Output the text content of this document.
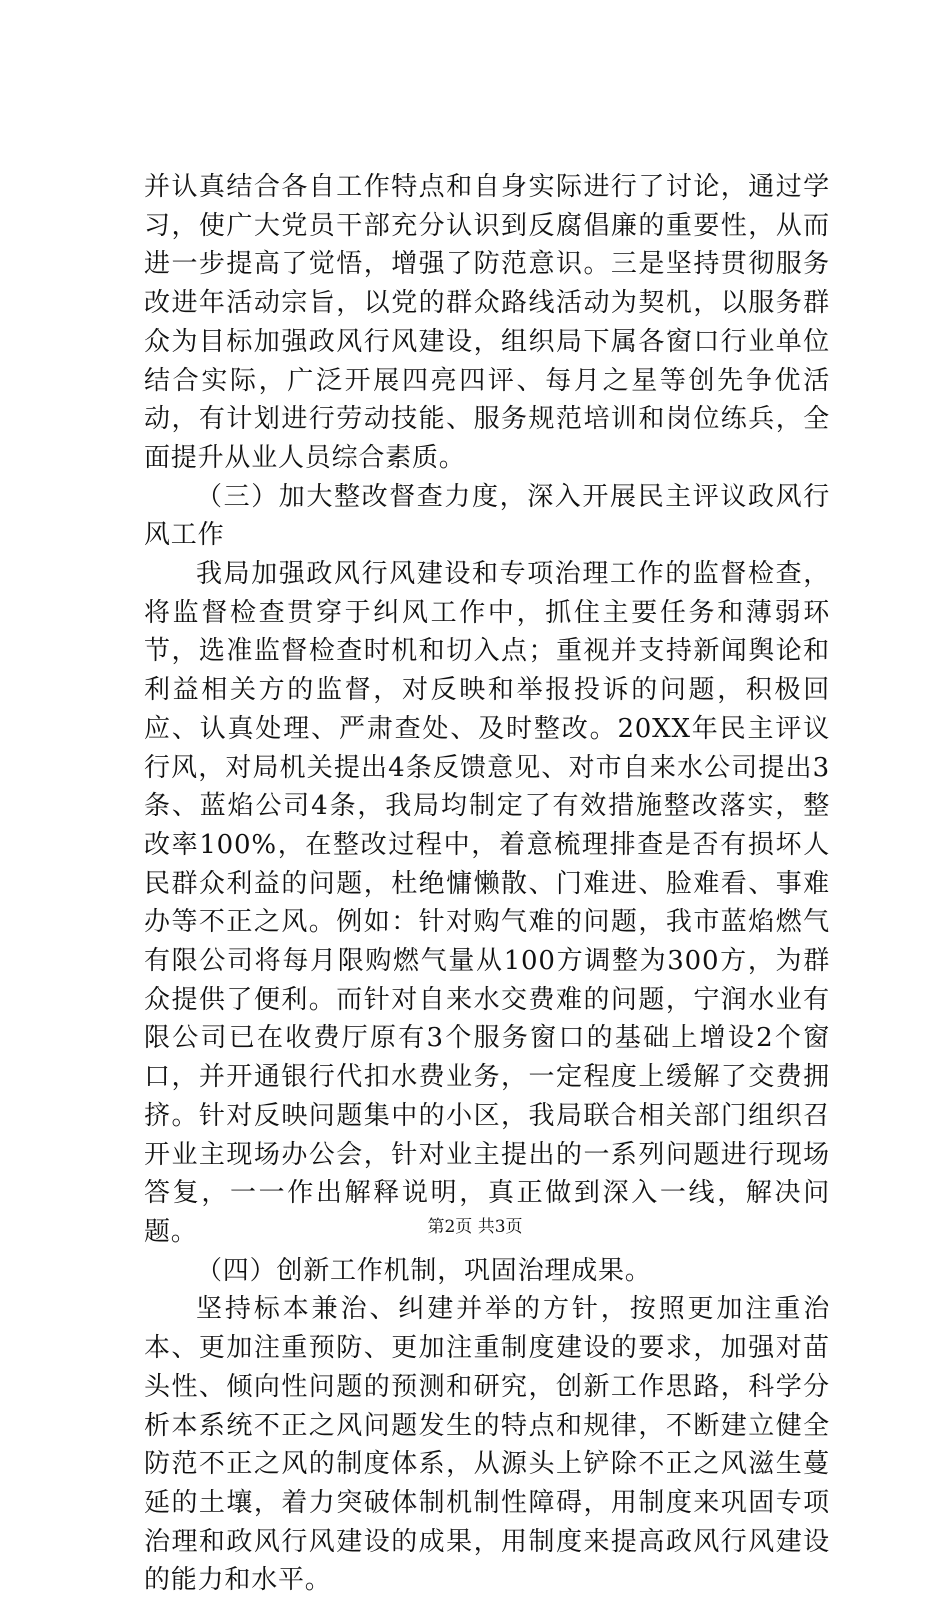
并认真结合各自工作特点和自身实际进行了讨论，通过学习，使广大党员干部充分认识到反腐倡廉的重要性，从而进一步提高了觉悟，增强了防范意识。三是坚持贯彻服务改进年活动宗旨，以党的群众路线活动为契机，以服务群众为目标加强政风行风建设，组织局下属各窗口行业单位结合实际，广泛开展四亮四评、每月之星等创先争优活动，有计划进行劳动技能、服务规范培训和岗位练兵，全面提升从业人员综合素质。

（三）加大整改督查力度，深入开展民主评议政风行风工作

我局加强政风行风建设和专项治理工作的监督检查，将监督检查贯穿于纠风工作中，抓住主要任务和薄弱环节，选准监督检查时机和切入点；重视并支持新闻舆论和利益相关方的监督，对反映和举报投诉的问题，积极回应、认真处理、严肃查处、及时整改。20XX年民主评议行风，对局机关提出4条反馈意见、对市自来水公司提出3条、蓝焰公司4条，我局均制定了有效措施整改落实，整改率100%，在整改过程中，着意梳理排查是否有损坏人民群众利益的问题，杜绝慵懒散、门难进、脸难看、事难办等不正之风。例如：针对购气难的问题，我市蓝焰燃气有限公司将每月限购燃气量从100方调整为300方，为群众提供了便利。而针对自来水交费难的问题，宁润水业有限公司已在收费厅原有3个服务窗口的基础上增设2个窗口，并开通银行代扣水费业务，一定程度上缓解了交费拥挤。针对反映问题集中的小区，我局联合相关部门组织召开业主现场办公会，针对业主提出的一系列问题进行现场答复，一一作出解释说明，真正做到深入一线，解决问题。

（四）创新工作机制，巩固治理成果。

坚持标本兼治、纠建并举的方针，按照更加注重治本、更加注重预防、更加注重制度建设的要求，加强对苗头性、倾向性问题的预测和研究，创新工作思路，科学分析本系统不正之风问题发生的特点和规律，不断建立健全防范不正之风的制度体系，从源头上铲除不正之风滋生蔓延的土壤，着力突破体制机制性障碍，用制度来巩固专项治理和政风行风建设的成果，用制度来提高政风行风建设的能力和水平。

第2页 共3页
